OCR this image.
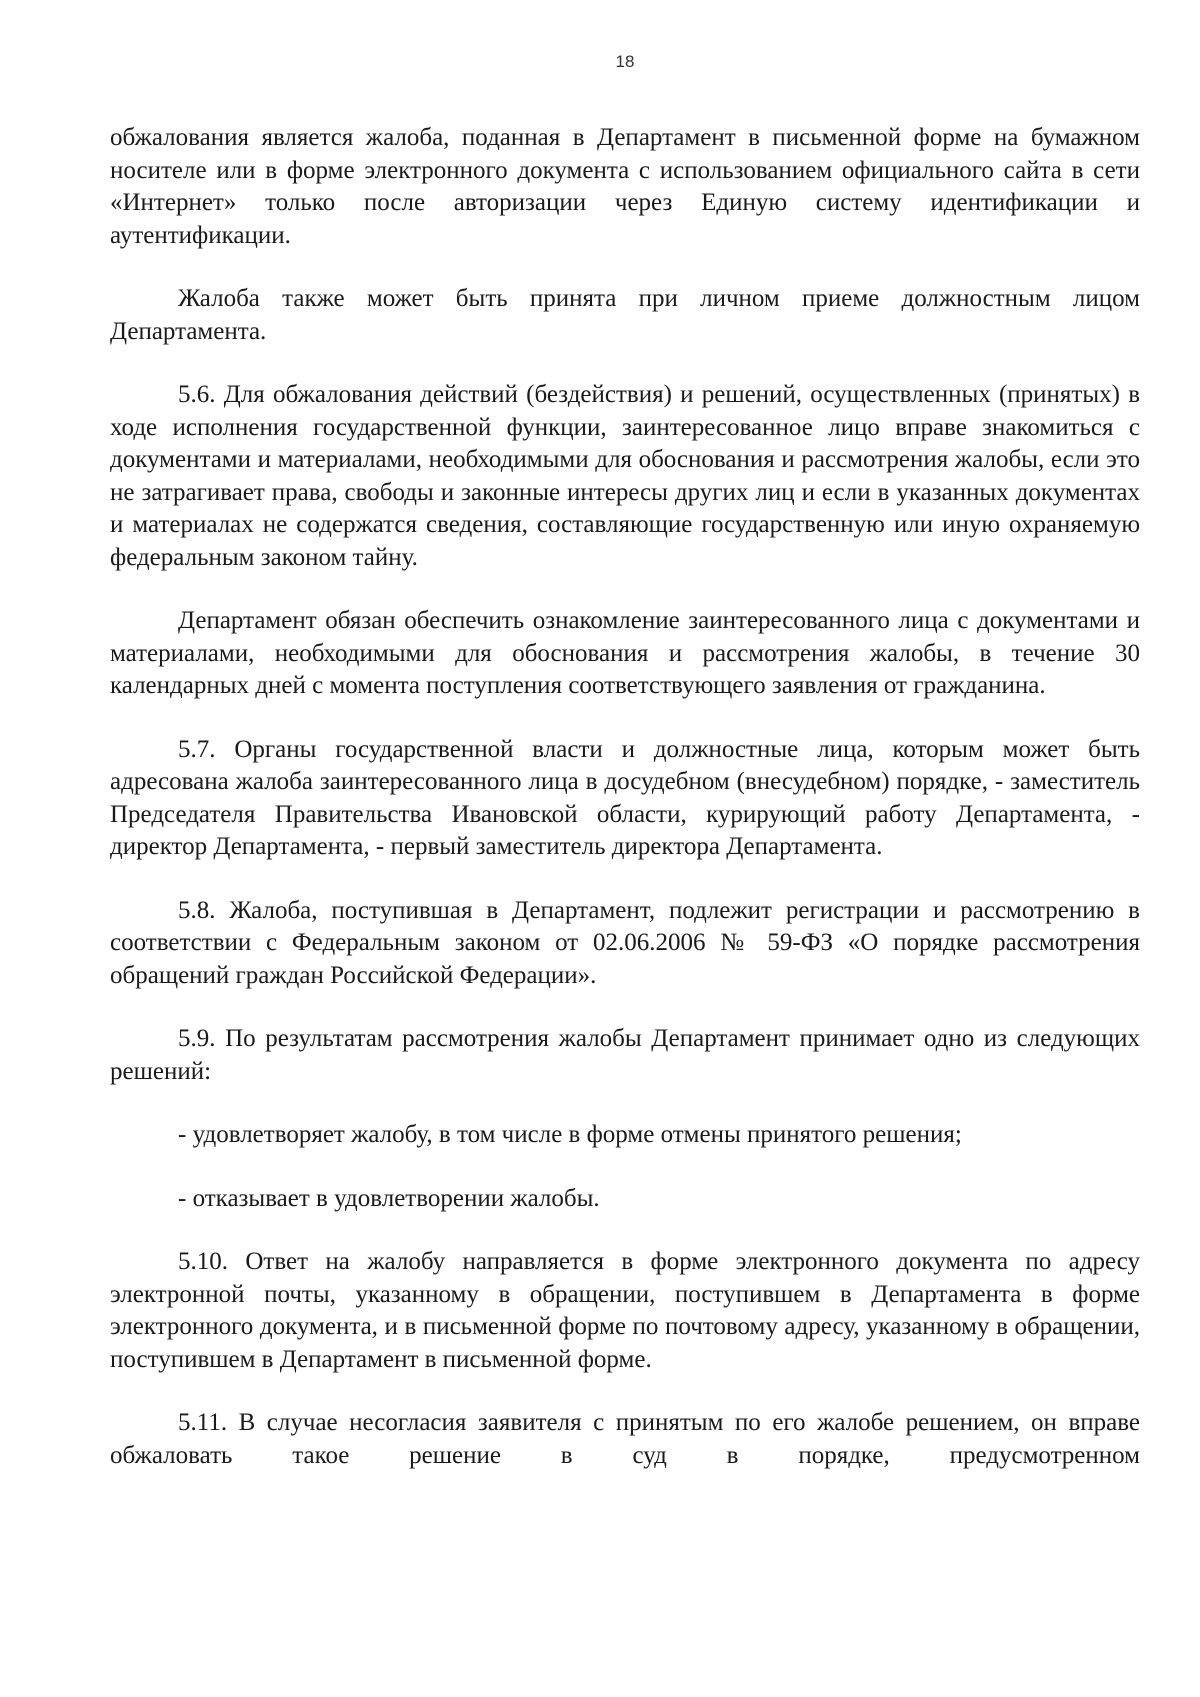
18

обжалования является жалоба, поданная в Департамент в письменной форме на бумажном носителе или в форме электронного документа с использованием официального сайта в сети «Интернет» только после авторизации через Единую систему идентификации и аутентификации.

Жалоба также может быть принята при личном приеме должностным лицом Департамента.

5.6. Для обжалования действий (бездействия) и решений, осуществленных (принятых) в ходе исполнения государственной функции, заинтересованное лицо вправе знакомиться с документами и материалами, необходимыми для обоснования и рассмотрения жалобы, если это не затрагивает права, свободы и законные интересы других лиц и если в указанных документах и материалах не содержатся сведения, составляющие государственную или иную охраняемую федеральным законом тайну.

Департамент обязан обеспечить ознакомление заинтересованного лица с документами и материалами, необходимыми для обоснования и рассмотрения жалобы, в течение 30 календарных дней с момента поступления соответствующего заявления от гражданина.

5.7. Органы государственной власти и должностные лица, которым может быть адресована жалоба заинтересованного лица в досудебном (внесудебном) порядке, - заместитель Председателя Правительства Ивановской области, курирующий работу Департамента, - директор Департамента, - первый заместитель директора Департамента.

5.8. Жалоба, поступившая в Департамент, подлежит регистрации и рассмотрению в соответствии с Федеральным законом от 02.06.2006 № 59-ФЗ «О порядке рассмотрения обращений граждан Российской Федерации».

5.9. По результатам рассмотрения жалобы Департамент принимает одно из следующих решений:

- удовлетворяет жалобу, в том числе в форме отмены принятого решения;

- отказывает в удовлетворении жалобы.

5.10. Ответ на жалобу направляется в форме электронного документа по адресу электронной почты, указанному в обращении, поступившем в Департамента в форме электронного документа, и в письменной форме по почтовому адресу, указанному в обращении, поступившем в Департамент в письменной форме.

5.11. В случае несогласия заявителя с принятым по его жалобе решением, он вправе обжаловать такое решение в суд в порядке, предусмотренном
